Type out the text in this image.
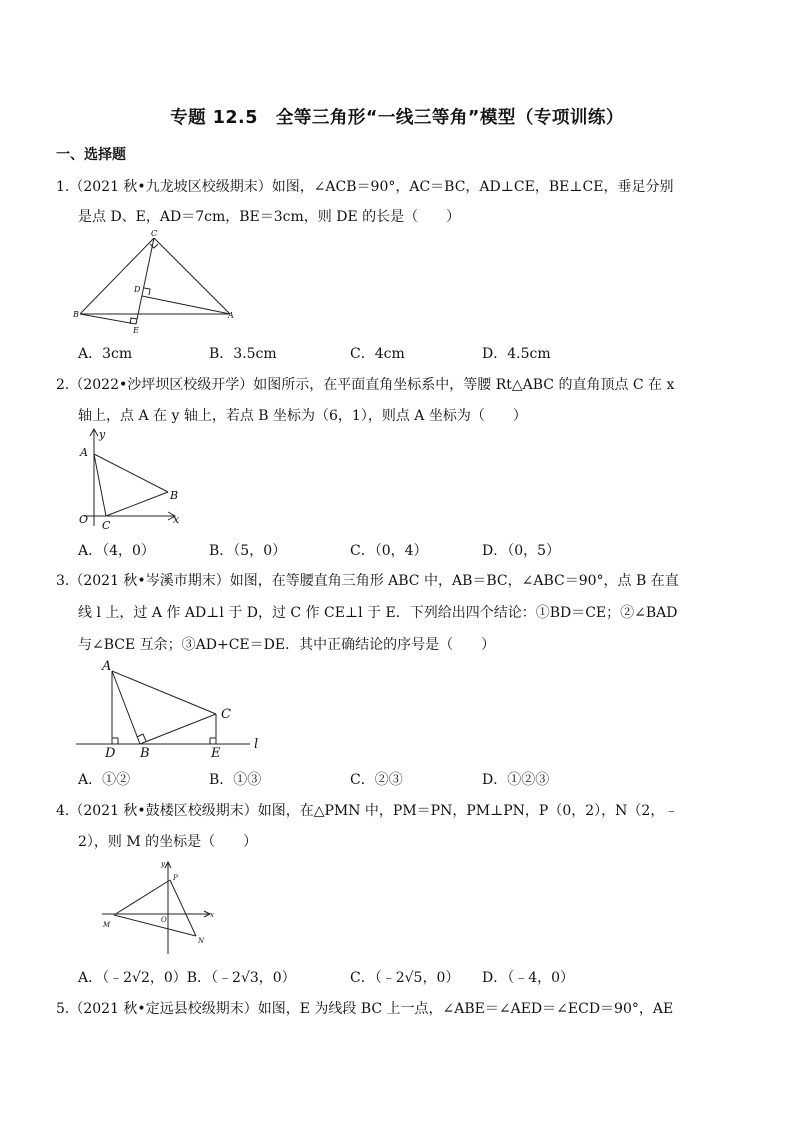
专题 12.5　全等三角形“一线三等角”模型（专项训练）
一、选择题
1.（2021 秋•九龙坡区校级期末）如图，∠ACB＝90°，AC＝BC，AD⊥CE，BE⊥CE，垂足分别
是点 D、E，AD＝7cm，BE＝3cm，则 DE 的长是（　　）
C
D
B
E
A
A．3cm	B．3.5cm	C．4cm	D．4.5cm
2.（2022•沙坪坝区校级开学）如图所示，在平面直角坐标系中，等腰 Rt△ABC 的直角顶点 C 在 x
轴上，点 A 在 y 轴上，若点 B 坐标为（6，1），则点 A 坐标为（　　）
y
A
B
O C	x
A．（4，0）	B．（5，0）	C．（0，4）	D．（0，5）
3.（2021 秋•岑溪市期末）如图，在等腰直角三角形 ABC 中，AB＝BC，∠ABC＝90°，点 B 在直
线 l 上，过 A 作 AD⊥l 于 D，过 C 作 CE⊥l 于 E．下列给出四个结论：①BD＝CE；②∠BAD
与∠BCE 互余；③AD+CE＝DE．其中正确结论的序号是（　　）
A
C
D B	E
l
A．①②	B．①③	C．②③	D．①②③
4.（2021 秋•鼓楼区校级期末）如图，在△PMN 中，PM＝PN，PM⊥PN，P（0，2），N（2，﹣
2），则 M 的坐标是（　　）
y
P
O
x
M
N
A．（﹣2√2，0）B．（﹣2√3，0）	C．（﹣2√5，0） D．（﹣4，0）
5.（2021 秋•定远县校级期末）如图，E 为线段 BC 上一点，∠ABE＝∠AED＝∠ECD＝90°，AE
